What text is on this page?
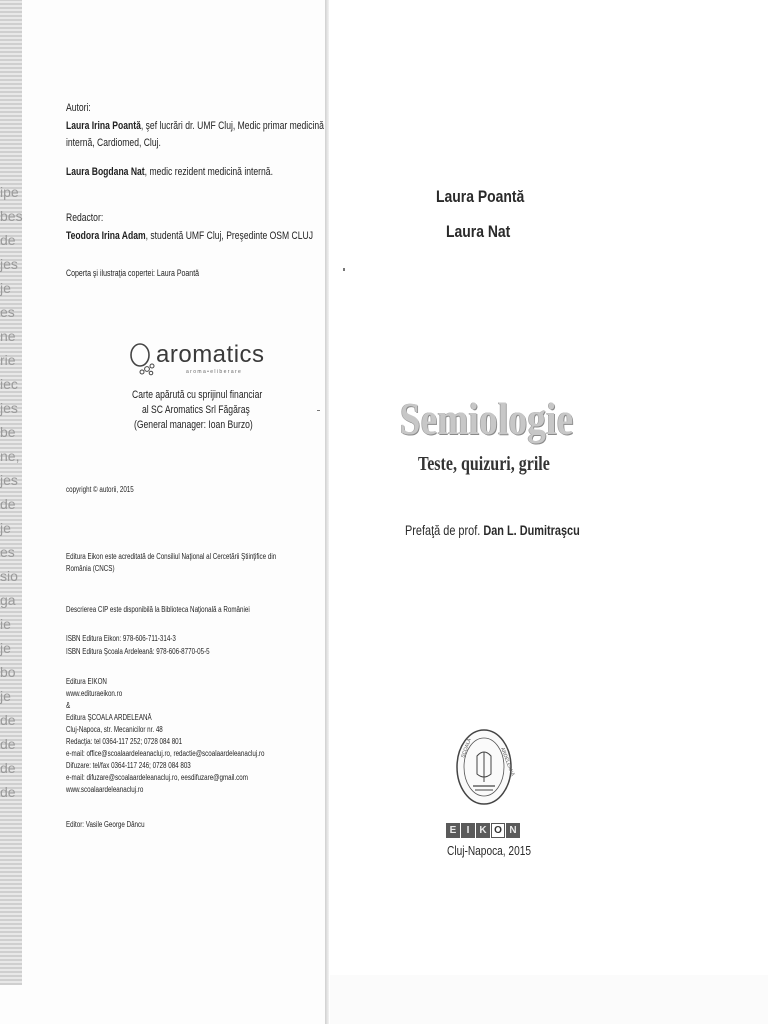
ipe
bes
de
jes
je
es
ne
rie
iec
jes
be
ne,
jes
de
je
es
sio
ga
ie
je
bo
je
de
de
de
de
Autori:
Laura Irina Poantă, şef lucrări dr. UMF Cluj, Medic primar medicină
internă, Cardiomed, Cluj.
Laura Bogdana Nat, medic rezident medicină internă.
Redactor:
Teodora Irina Adam, studentă UMF Cluj, Preşedinte OSM CLUJ
Coperta şi ilustraţia copertei: Laura Poantă
aromatics
a r o m a • e l i b e r a r e
Carte apărută cu sprijinul financiar
al SC Aromatics Srl Făgăraş
(General manager: Ioan Burzo)
copyright © autorii, 2015
Editura Eikon este acreditată de Consiliul Naţional al Cercetării Ştiinţifice din
România (CNCS)
Descrierea CIP este disponibilă la Biblioteca Naţională a României
ISBN Editura Eikon: 978-606-711-314-3
ISBN Editura Şcoala Ardeleană: 978-606-8770-05-5
Editura EIKON
www.edituraeikon.ro
&
Editura ŞCOALA ARDELEANĂ
Cluj-Napoca, str. Mecanicilor nr. 48
Redacţia: tel 0364-117 252; 0728 084 801
e-mail: office@scoalaardeleanacluj.ro, redactie@scoalaardeleanacluj.ro
Difuzare: tel/fax 0364-117 246; 0728 084 803
e-mail: difuzare@scoalaardeleanacluj.ro, eesdifuzare@gmail.com
www.scoalaardeleanacluj.ro
Editor: Vasile George Dâncu
Laura Poantă
Laura Nat
Semiologie
Teste, quizuri, grile
Prefaţă de prof. Dan L. Dumitraşcu
ŞCOALA	ARDELEANĂ
E	I K O N
Cluj-Napoca, 2015
